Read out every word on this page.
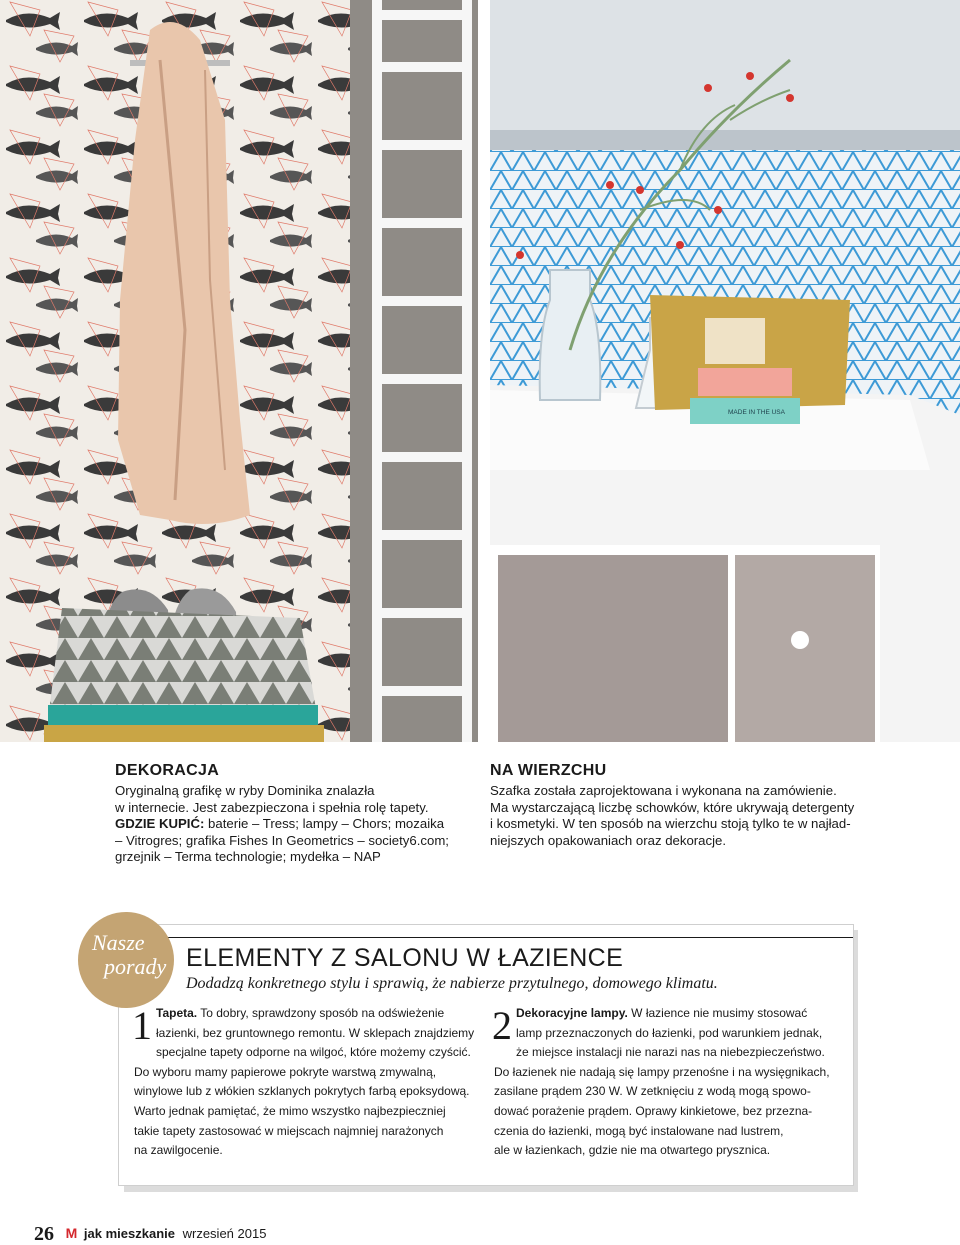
MADE IN THE USA
DEKORACJA
Oryginalną grafikę w ryby Dominika znalazła
w internecie. Jest zabezpieczona i spełnia rolę tapety.
GDZIE KUPIĆ: baterie – Tress; lampy – Chors; mozaika
– Vitrogres; grafika Fishes In Geometrics – society6.com;
grzejnik – Terma technologie; mydełka – NAP
NA WIERZCHU
Szafka została zaprojektowana i wykonana na zamówienie.
Ma wystarczającą liczbę schowków, które ukrywają detergenty
i kosmetyki. W ten sposób na wierzchu stoją tylko te w najład-
niejszych opakowaniach oraz dekoracje.
Nasze
porady ELEMENTY Z SALONU W ŁAZIENCE
Dodadzą konkretnego stylu i sprawią, że nabierze przytulnego, domowego klimatu.
1 Tapeta. To dobry, sprawdzony sposób na odświeżenie
łazienki, bez gruntownego remontu. W sklepach znajdziemy
specjalne tapety odporne na wilgoć, które możemy czyścić.
Do wyboru mamy papierowe pokryte warstwą zmywalną,
winylowe lub z włókien szklanych pokrytych farbą epoksydową.
Warto jednak pamiętać, że mimo wszystko najbezpieczniej
takie tapety zastosować w miejscach najmniej narażonych
na zawilgocenie.
2 Dekoracyjne lampy. W łazience nie musimy stosować
lamp przeznaczonych do łazienki, pod warunkiem jednak,
że miejsce instalacji nie narazi nas na niebezpieczeństwo.
Do łazienek nie nadają się lampy przenośne i na wysięgnikach,
zasilane prądem 230 W. W zetknięciu z wodą mogą spowo-
dować porażenie prądem. Oprawy kinkietowe, bez przezna-
czenia do łazienki, mogą być instalowane nad lustrem,
ale w łazienkach, gdzie nie ma otwartego prysznica.
26 M jak mieszkanie wrzesień 2015
